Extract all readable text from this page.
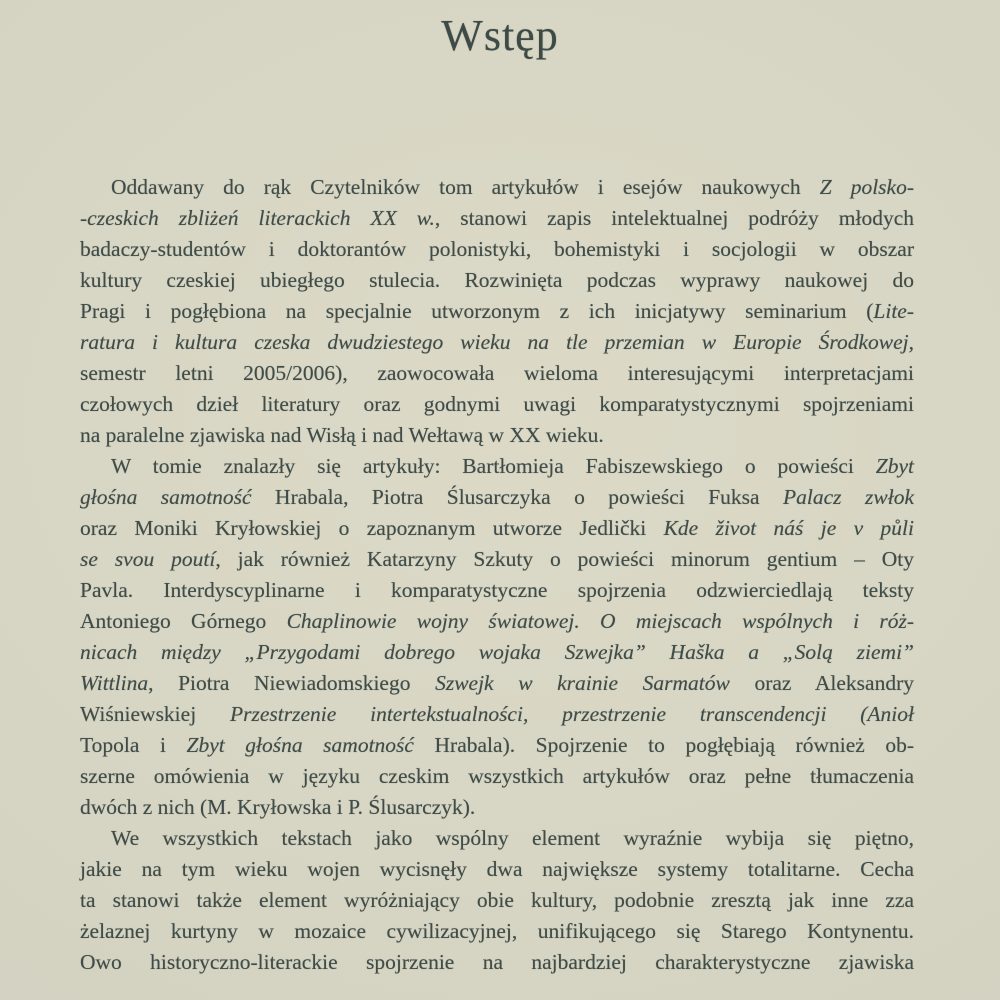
Wstęp
Oddawany do rąk Czytelników tom artykułów i esejów naukowych Z polsko-
-czeskich zbliżeń literackich XX w., stanowi zapis intelektualnej podróży młodych
badaczy-studentów i doktorantów polonistyki, bohemistyki i socjologii w obszar
kultury czeskiej ubiegłego stulecia. Rozwinięta podczas wyprawy naukowej do
Pragi i pogłębiona na specjalnie utworzonym z ich inicjatywy seminarium (Lite-
ratura i kultura czeska dwudziestego wieku na tle przemian w Europie Środkowej,
semestr letni 2005/2006), zaowocowała wieloma interesującymi interpretacjami
czołowych dzieł literatury oraz godnymi uwagi komparatystycznymi spojrzeniami
na paralelne zjawiska nad Wisłą i nad Wełtawą w XX wieku.
W tomie znalazły się artykuły: Bartłomieja Fabiszewskiego o powieści Zbyt
głośna samotność Hrabala, Piotra Ślusarczyka o powieści Fuksa Palacz zwłok
oraz Moniki Kryłowskiej o zapoznanym utworze Jedlički Kde život náś je v půli
se svou poutí, jak również Katarzyny Szkuty o powieści minorum gentium – Oty
Pavla. Interdyscyplinarne i komparatystyczne spojrzenia odzwierciedlają teksty
Antoniego Górnego Chaplinowie wojny światowej. O miejscach wspólnych i róż-
nicach między „Przygodami dobrego wojaka Szwejka” Haška a „Solą ziemi”
Wittlina, Piotra Niewiadomskiego Szwejk w krainie Sarmatów oraz Aleksandry
Wiśniewskiej Przestrzenie intertekstualności, przestrzenie transcendencji (Anioł
Topola i Zbyt głośna samotność Hrabala). Spojrzenie to pogłębiają również ob-
szerne omówienia w języku czeskim wszystkich artykułów oraz pełne tłumaczenia
dwóch z nich (M. Kryłowska i P. Ślusarczyk).
We wszystkich tekstach jako wspólny element wyraźnie wybija się piętno,
jakie na tym wieku wojen wycisnęły dwa największe systemy totalitarne. Cecha
ta stanowi także element wyróżniający obie kultury, podobnie zresztą jak inne zza
żelaznej kurtyny w mozaice cywilizacyjnej, unifikującego się Starego Kontynentu.
Owo historyczno-literackie spojrzenie na najbardziej charakterystyczne zjawiska
